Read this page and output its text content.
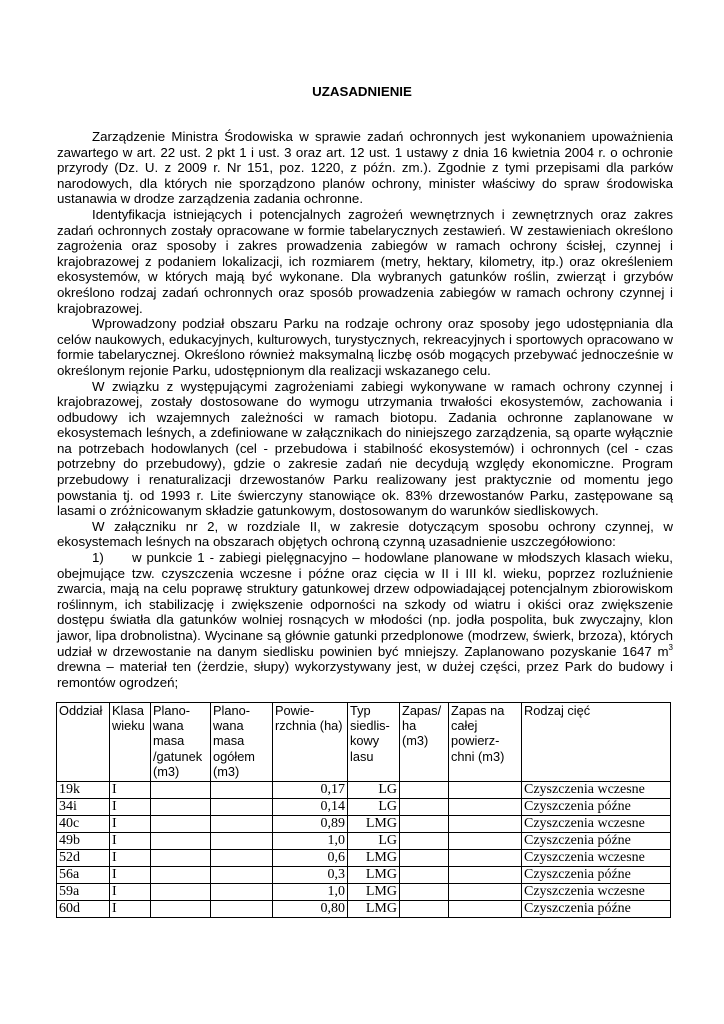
UZASADNIENIE

Zarządzenie Ministra Środowiska w sprawie zadań ochronnych jest wykonaniem upoważnienia zawartego w art. 22 ust. 2 pkt 1 i ust. 3 oraz art. 12 ust. 1 ustawy z dnia 16 kwietnia 2004 r. o ochronie przyrody (Dz. U. z 2009 r. Nr 151, poz. 1220, z późn. zm.). Zgodnie z tymi przepisami dla parków narodowych, dla których nie sporządzono planów ochrony, minister właściwy do spraw środowiska ustanawia w drodze zarządzenia zadania ochronne.

Identyfikacja istniejących i potencjalnych zagrożeń wewnętrznych i zewnętrznych oraz zakres zadań ochronnych zostały opracowane w formie tabelarycznych zestawień. W zestawieniach określono zagrożenia oraz sposoby i zakres prowadzenia zabiegów w ramach ochrony ścisłej, czynnej i krajobrazowej z podaniem lokalizacji, ich rozmiarem (metry, hektary, kilometry, itp.) oraz określeniem ekosystemów, w których mają być wykonane. Dla wybranych gatunków roślin, zwierząt i grzybów określono rodzaj zadań ochronnych oraz sposób prowadzenia zabiegów w ramach ochrony czynnej i krajobrazowej.

Wprowadzony podział obszaru Parku na rodzaje ochrony oraz sposoby jego udostępniania dla celów naukowych, edukacyjnych, kulturowych, turystycznych, rekreacyjnych i sportowych opracowano w formie tabelarycznej. Określono również maksymalną liczbę osób mogących przebywać jednocześnie w określonym rejonie Parku, udostępnionym dla realizacji wskazanego celu.

W związku z występującymi zagrożeniami zabiegi wykonywane w ramach ochrony czynnej i krajobrazowej, zostały dostosowane do wymogu utrzymania trwałości ekosystemów, zachowania i odbudowy ich wzajemnych zależności w ramach biotopu. Zadania ochronne zaplanowane w ekosystemach leśnych, a zdefiniowane w załącznikach do niniejszego zarządzenia, są oparte wyłącznie na potrzebach hodowlanych (cel - przebudowa i stabilność ekosystemów) i ochronnych (cel - czas potrzebny do przebudowy), gdzie o zakresie zadań nie decydują względy ekonomiczne. Program przebudowy i renaturalizacji drzewostanów Parku realizowany jest praktycznie od momentu jego powstania tj. od 1993 r. Lite świerczyny stanowiące ok. 83% drzewostanów Parku, zastępowane są lasami o zróżnicowanym składzie gatunkowym, dostosowanym do warunków siedliskowych.

W załączniku nr 2, w rozdziale II, w zakresie dotyczącym sposobu ochrony czynnej, w ekosystemach leśnych na obszarach objętych ochroną czynną uzasadnienie uszczegółowiono:

1) w punkcie 1 - zabiegi pielęgnacyjno – hodowlane planowane w młodszych klasach wieku, obejmujące tzw. czyszczenia wczesne i późne oraz cięcia w II i III kl. wieku, poprzez rozluźnienie zwarcia, mają na celu poprawę struktury gatunkowej drzew odpowiadającej potencjalnym zbiorowiskom roślinnym, ich stabilizację i zwiększenie odporności na szkody od wiatru i okiści oraz zwiększenie dostępu światła dla gatunków wolniej rosnących w młodości (np. jodła pospolita, buk zwyczajny, klon jawor, lipa drobnolistna). Wycinane są głównie gatunki przedplonowe (modrzew, świerk, brzoza), których udział w drzewostanie na danym siedlisku powinien być mniejszy. Zaplanowano pozyskanie 1647 $m^3$ drewna – materiał ten (żerdzie, słupy) wykorzystywany jest, w dużej części, przez Park do budowy i remontów ogrodzeń;

Oddział	Klasa wieku	Plano-wana masa /gatunek (m3)	Plano-wana masa ogółem (m3)	Powie-rzchnia (ha)	Typ siedlis-kowy lasu	Zapas/ ha (m3)	Zapas na całej powierz-chni (m3)	Rodzaj cięć
19k	I			0,17	LG			Czyszczenia wczesne
34i	I			0,14	LG			Czyszczenia późne
40c	I			0,89	LMG			Czyszczenia wczesne
49b	I			1,0	LG			Czyszczenia późne
52d	I			0,6	LMG			Czyszczenia wczesne
56a	I			0,3	LMG			Czyszczenia późne
59a	I			1,0	LMG			Czyszczenia wczesne
60d	I			0,80	LMG			Czyszczenia późne
